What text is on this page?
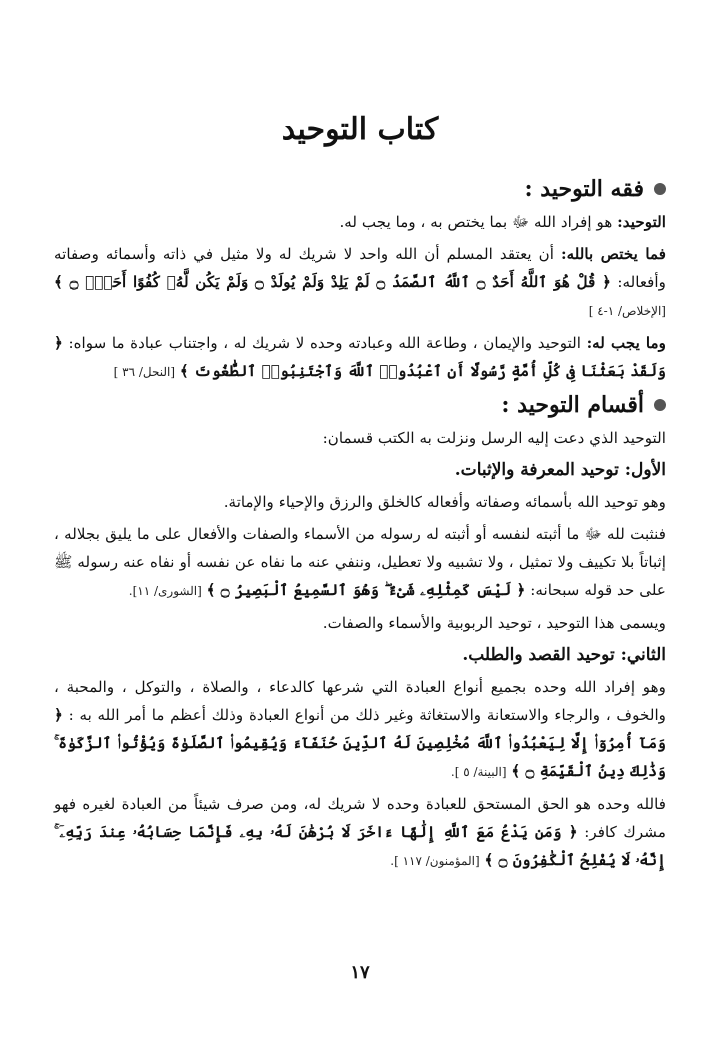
كتاب التوحيد
فقه التوحيد :

التوحيد: هو إفراد الله ﷻ بما يختص به ، وما يجب له.

فما يختص بالله: أن يعتقد المسلم أن الله واحد لا شريك له ولا مثيل في ذاته وأسمائه وصفاته وأفعاله: ﴿ قُلْ هُوَ ٱللَّهُ أَحَدٌ ۝ ٱللَّهُ ٱلصَّمَدُ ۝ لَمْ يَلِدْ وَلَمْ يُولَدْ ۝ وَلَمْ يَكُن لَّهُۥ كُفُوًا أَحَدٌۢ ۝ ﴾ [الإخلاص/ ١-٤ ]

وما يجب له: التوحيد والإيمان ، وطاعة الله وعبادته وحده لا شريك له ، واجتناب عبادة ما سواه: ﴿ وَلَقَدْ بَعَثْنَا فِى كُلِّ أُمَّةٍ رَّسُولًا أَنِ ٱعْبُدُوا۟ ٱللَّهَ وَٱجْتَنِبُوا۟ ٱلطَّٰغُوتَ ﴾ [النحل/ ٣٦ ]

أقسام التوحيد :

التوحيد الذي دعت إليه الرسل ونزلت به الكتب قسمان:

الأول: توحيد المعرفة والإثبات.

وهو توحيد الله بأسمائه وصفاته وأفعاله كالخلق والرزق والإحياء والإماتة.

فنثبت لله ﷻ ما أثبته لنفسه أو أثبته له رسوله من الأسماء والصفات والأفعال على ما يليق بجلاله ، إثباتاً بلا تكييف ولا تمثيل ، ولا تشبيه ولا تعطيل، وننفي عنه ما نفاه عن نفسه أو نفاه عنه رسوله ﷺ على حد قوله سبحانه: ﴿ لَيْسَ كَمِثْلِهِۦ شَىْءٌ ۖ وَهُوَ ٱلسَّمِيعُ ٱلْبَصِيرُ ۝ ﴾ [الشورى/ ١١].

ويسمى هذا التوحيد ، توحيد الربوبية والأسماء والصفات.

الثاني: توحيد القصد والطلب.

وهو إفراد الله وحده بجميع أنواع العبادة التي شرعها كالدعاء ، والصلاة ، والتوكل ، والمحبة ، والخوف ، والرجاء والاستعانة والاستغاثة وغير ذلك من أنواع العبادة وذلك أعظم ما أمر الله به : ﴿ وَمَآ أُمِرُوٓا۟ إِلَّا لِيَعْبُدُوا۟ ٱللَّهَ مُخْلِصِينَ لَهُ ٱلدِّينَ حُنَفَآءَ وَيُقِيمُوا۟ ٱلصَّلَوٰةَ وَيُؤْتُوا۟ ٱلزَّكَوٰةَ ۚ وَذَٰلِكَ دِينُ ٱلْقَيِّمَةِ ۝ ﴾ [البينة/ ٥ ].

فالله وحده هو الحق المستحق للعبادة وحده لا شريك له، ومن صرف شيئاً من العبادة لغيره فهو مشرك كافر: ﴿ وَمَن يَدْعُ مَعَ ٱللَّهِ إِلَٰهًا ءَاخَرَ لَا بُرْهَٰنَ لَهُۥ بِهِۦ فَإِنَّمَا حِسَابُهُۥ عِندَ رَبِّهِۦٓ ۚ إِنَّهُۥ لَا يُفْلِحُ ٱلْكَٰفِرُونَ ۝ ﴾ [المؤمنون/ ١١٧ ].

١٧
